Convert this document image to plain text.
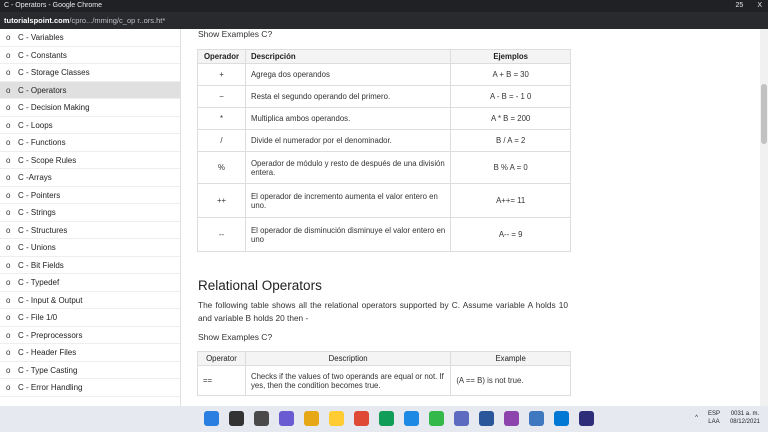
C - Operators - Google Chrome	25 X
tutorialspoint.com/cpro.../mming/c_op r..ors.ht*
o C - Variables
o C - Constants
o C - Storage Classes
o C - Operators
o C - Decision Making
o C - Loops
o C - Functions
o C - Scope Rules
o C -Arrays
o C - Pointers
o C - Strings
o C - Structures
o C - Unions
o C - Bit Fields
o C - Typedef
o C - Input & Output
o C - File 1/0
o C - Preprocessors
o C - Header Files
o C - Type Casting
o C - Error Handling
Show Examples C?
Operador	Descripción	Ejemplos
+	Agrega dos operandos	A + B = 30
−	Resta el segundo operando del primero.	A - B = - 1 0
*	Multiplica ambos operandos.	A * B = 200
/	Divide el numerador por el denominador.	B / A = 2
%	Operador de módulo y resto de después de una división entera.	B % A = 0
++	El operador de incremento aumenta el valor entero en uno.	A++= 11
--	El operador de disminución disminuye el valor entero en uno	A-- = 9
Relational Operators
The following table shows all the relational operators supported by C. Assume variable A holds 10 and variable B holds 20 then -
Show Examples C?
Operator	Description	Example
==	Checks if the values of two operands are equal or not. If yes, then the condition becomes true.	(A == B) is not true.
^
ESP
LAA
0031 a. m.
08/12/2021
